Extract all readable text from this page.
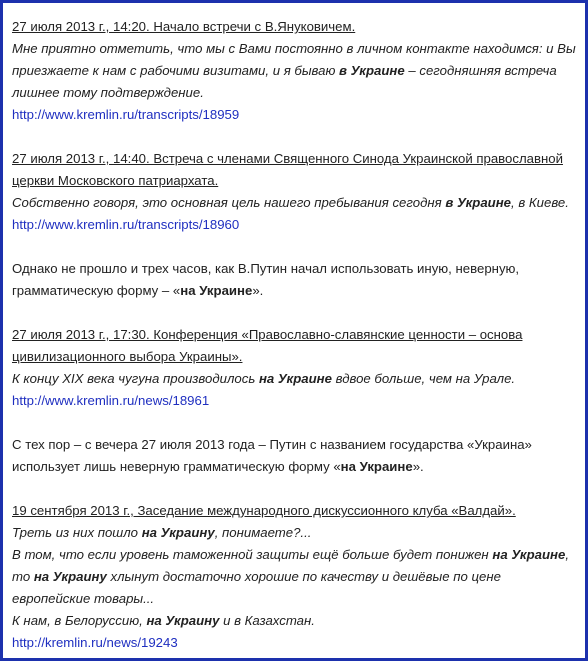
27 июля 2013 г., 14:20. Начало встречи с В.Януковичем.
Мне приятно отметить, что мы с Вами постоянно в личном контакте находимся: и Вы приезжаете к нам с рабочими визитами, и я бываю в Украине – сегодняшняя встреча лишнее тому подтверждение.
http://www.kremlin.ru/transcripts/18959
27 июля 2013 г., 14:40. Встреча с членами Священного Синода Украинской православной
церкви Московского патриархата.
Собственно говоря, это основная цель нашего пребывания сегодня в Украине, в Киеве.
http://www.kremlin.ru/transcripts/18960
Однако не прошло и трех часов, как В.Путин начал использовать иную, неверную, грамматическую форму – «на Украине».
27 июля 2013 г., 17:30. Конференция «Православно-славянские ценности – основа
цивилизационного выбора Украины».
К концу XIX века чугуна производилось на Украине вдвое больше, чем на Урале.
http://www.kremlin.ru/news/18961
С тех пор – с вечера 27 июля 2013 года – Путин с названием государства «Украина» использует лишь неверную грамматическую форму «на Украине».
19 сентября 2013 г., Заседание международного дискуссионного клуба «Валдай».
Треть из них пошло на Украину, понимаете?...
В том, что если уровень таможенной защиты ещё больше будет понижен на Украине, то на Украину хлынут достаточно хорошие по качеству и дешёвые по цене европейские товары...
К нам, в Белоруссию, на Украину и в Казахстан.
http://kremlin.ru/news/19243
